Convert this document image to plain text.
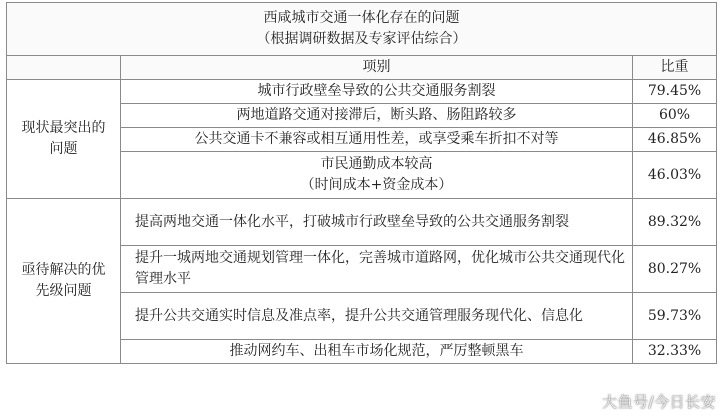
西咸城市交通一体化存在的问题
（根据调研数据及专家评估综合）		

	项别	比重

现状最突出的问题	城市行政壁垒导致的公共交通服务割裂	79.45%
	两地道路交通对接滞后，断头路、肠阻路较多	60%
	公共交通卡不兼容或相互通用性差，或享受乘车折扣不对等	46.85%

	市民通勤成本较高
（时间成本+资金成本）	46.03%

亟待解决的优先级问题	提高两地交通一体化水平，打破城市行政壁垒导致的公共交通服务割裂	89.32%
	提升一城两地交通规划管理一体化，完善城市道路网，优化城市公共交通现代化管理水平	80.27%
	提升公共交通实时信息及准点率，提升公共交通管理服务现代化、信息化	59.73%
	推动网约车、出租车市场化规范，严厉整顿黑车	32.33%
大鱼号/今日长安
